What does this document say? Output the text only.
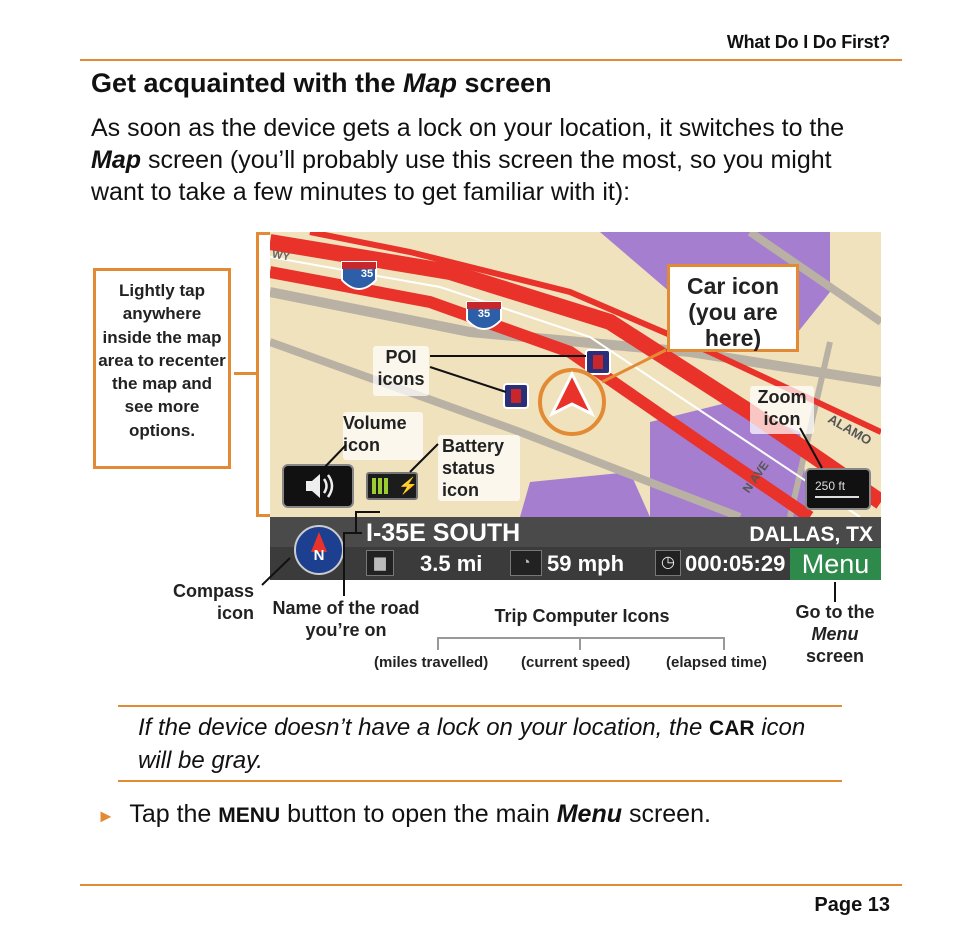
What Do I Do First?
Get acquainted with the Map screen
As soon as the device gets a lock on your location, it switches to the Map screen (you’ll probably use this screen the most, so you might want to take a few minutes to get familiar with it):
Lightly tap anywhere inside the map area to recenter the map and see more options.
WY
ALAMO
N AVE
35
35
⚡	250 ft
POI icons
Volume icon	Battery status icon
Zoom icon
Car icon (you are here)
I-35E SOUTH	DALLAS, TX
N	▆	3.5 mi	◔ 59 mph	◷ 000:05:29 Menu
Compass icon Name of the road you’re on
Trip Computer Icons
(miles travelled) (current speed) (elapsed time)
Go to the
Menu
screen
If the device doesn’t have a lock on your location, the CAR icon will be gray.
► Tap the MENU button to open the main Menu screen.
Page 13
